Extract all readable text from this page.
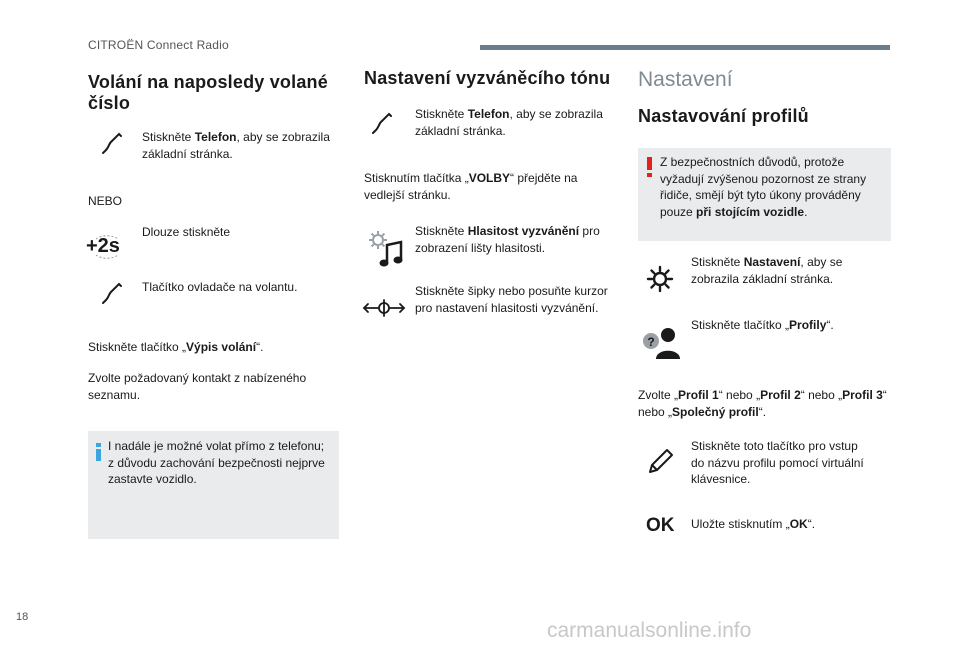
CITROËN Connect Radio
Volání na naposledy volané
číslo
Stiskněte Telefon, aby se zobrazila
základní stránka.
NEBO
+2s
Dlouze stiskněte
Tlačítko ovladače na volantu.
Stiskněte tlačítko „Výpis volání“.
Zvolte požadovaný kontakt z nabízeného
seznamu.
I nadále je možné volat přímo z telefonu;
z důvodu zachování bezpečnosti nejprve
zastavte vozidlo.
Nastavení vyzváněcího tónu
Stiskněte Telefon, aby se zobrazila
základní stránka.
Stisknutím tlačítka „VOLBY“ přejděte na
vedlejší stránku.
Stiskněte Hlasitost vyzvánění pro
zobrazení lišty hlasitosti.
Stiskněte šipky nebo posuňte kurzor
pro nastavení hlasitosti vyzvánění.
Nastavení
Nastavování profilů
Z bezpečnostních důvodů, protože
vyžadují zvýšenou pozornost ze strany
řidiče, smějí být tyto úkony prováděny
pouze při stojícím vozidle.
Stiskněte Nastavení, aby se
zobrazila základní stránka.
?
Stiskněte tlačítko „Profily“.
Zvolte „Profil 1“ nebo „Profil 2“ nebo „Profil 3“
nebo „Společný profil“.
Stiskněte toto tlačítko pro vstup
do názvu profilu pomocí virtuální
klávesnice.
OK Uložte stisknutím „OK“.
18
carmanualsonline.info
